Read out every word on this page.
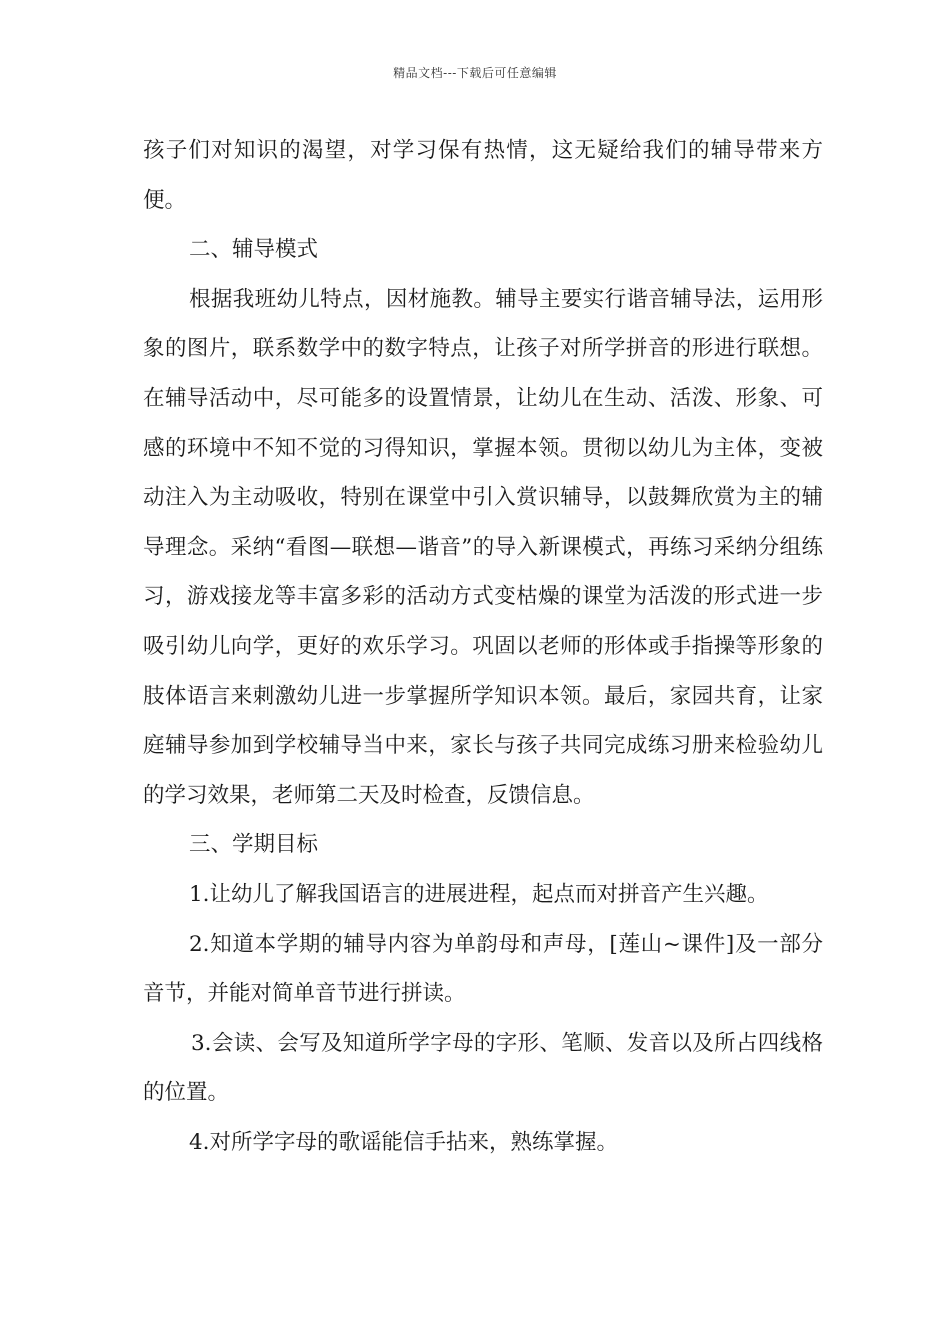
精品文档---下载后可任意编辑

孩子们对知识的渴望，对学习保有热情，这无疑给我们的辅导带来方便。

二、辅导模式

根据我班幼儿特点，因材施教。辅导主要实行谐音辅导法，运用形象的图片，联系数学中的数字特点，让孩子对所学拼音的形进行联想。在辅导活动中，尽可能多的设置情景，让幼儿在生动、活泼、形象、可感的环境中不知不觉的习得知识，掌握本领。贯彻以幼儿为主体，变被动注入为主动吸收，特别在课堂中引入赏识辅导，以鼓舞欣赏为主的辅导理念。采纳“看图—联想—谐音”的导入新课模式，再练习采纳分组练习，游戏接龙等丰富多彩的活动方式变枯燥的课堂为活泼的形式进一步吸引幼儿向学，更好的欢乐学习。巩固以老师的形体或手指操等形象的肢体语言来刺激幼儿进一步掌握所学知识本领。最后，家园共育，让家庭辅导参加到学校辅导当中来，家长与孩子共同完成练习册来检验幼儿的学习效果，老师第二天及时检查，反馈信息。

三、学期目标

1.让幼儿了解我国语言的进展进程，起点而对拼音产生兴趣。

2.知道本学期的辅导内容为单韵母和声母，[莲山~课件]及一部分音节，并能对简单音节进行拼读。

3.会读、会写及知道所学字母的字形、笔顺、发音以及所占四线格的位置。

4.对所学字母的歌谣能信手拈来，熟练掌握。
